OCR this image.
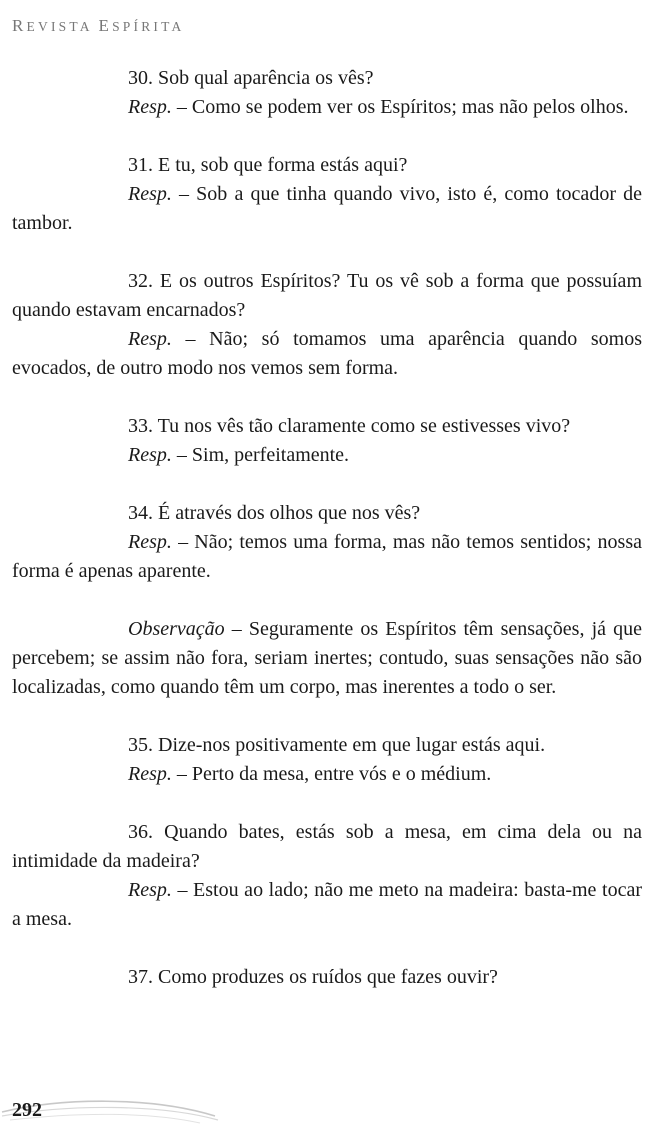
REVISTA ESPÍRITA

30. Sob qual aparência os vês?

Resp. – Como se podem ver os Espíritos; mas não pelos olhos.

31. E tu, sob que forma estás aqui?

Resp. – Sob a que tinha quando vivo, isto é, como tocador de tambor.

32. E os outros Espíritos? Tu os vê sob a forma que possuíam quando estavam encarnados?

Resp. – Não; só tomamos uma aparência quando somos evocados, de outro modo nos vemos sem forma.

33. Tu nos vês tão claramente como se estivesses vivo?

Resp. – Sim, perfeitamente.

34. É através dos olhos que nos vês?

Resp. – Não; temos uma forma, mas não temos sentidos; nossa forma é apenas aparente.

Observação – Seguramente os Espíritos têm sensações, já que percebem; se assim não fora, seriam inertes; contudo, suas sensações não são localizadas, como quando têm um corpo, mas inerentes a todo o ser.

35. Dize-nos positivamente em que lugar estás aqui.

Resp. – Perto da mesa, entre vós e o médium.

36. Quando bates, estás sob a mesa, em cima dela ou na intimidade da madeira?

Resp. – Estou ao lado; não me meto na madeira: basta-me tocar a mesa.

37. Como produzes os ruídos que fazes ouvir?

292
